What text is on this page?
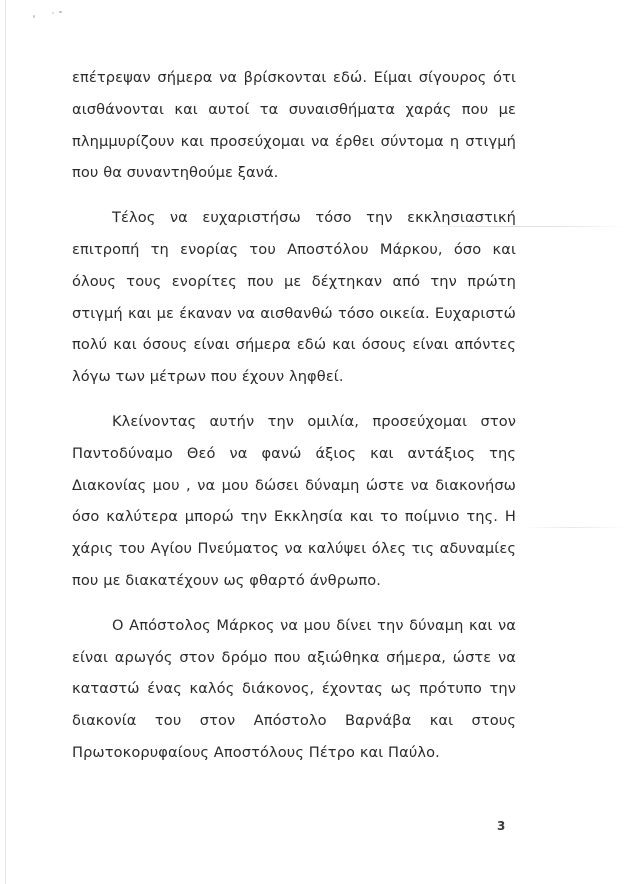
επέτρεψαν σήμερα να βρίσκονται εδώ. Είμαι σίγουρος ότι αισθάνονται και αυτοί τα συναισθήματα χαράς που με πλημμυρίζουν και προσεύχομαι να έρθει σύντομα η στιγμή που θα συναντηθούμε ξανά.

Τέλος να ευχαριστήσω τόσο την εκκλησιαστική επιτροπή τη ενορίας του Αποστόλου Μάρκου, όσο και όλους τους ενορίτες που με δέχτηκαν από την πρώτη στιγμή και με έκαναν να αισθανθώ τόσο οικεία. Ευχαριστώ πολύ και όσους είναι σήμερα εδώ και όσους είναι απόντες λόγω των μέτρων που έχουν ληφθεί.

Κλείνοντας αυτήν την ομιλία, προσεύχομαι στον Παντοδύναμο Θεό να φανώ άξιος και αντάξιος της Διακονίας μου , να μου δώσει δύναμη ώστε να διακονήσω όσο καλύτερα μπορώ την Εκκλησία και το ποίμνιο της. Η χάρις του Αγίου Πνεύματος να καλύψει όλες τις αδυναμίες που με διακατέχουν ως φθαρτό άνθρωπο.

Ο Απόστολος Μάρκος να μου δίνει την δύναμη και να είναι αρωγός στον δρόμο που αξιώθηκα σήμερα, ώστε να καταστώ ένας καλός διάκονος, έχοντας ως πρότυπο την διακονία του στον Απόστολο Βαρνάβα και στους Πρωτοκορυφαίους Αποστόλους Πέτρο και Παύλο.

3
